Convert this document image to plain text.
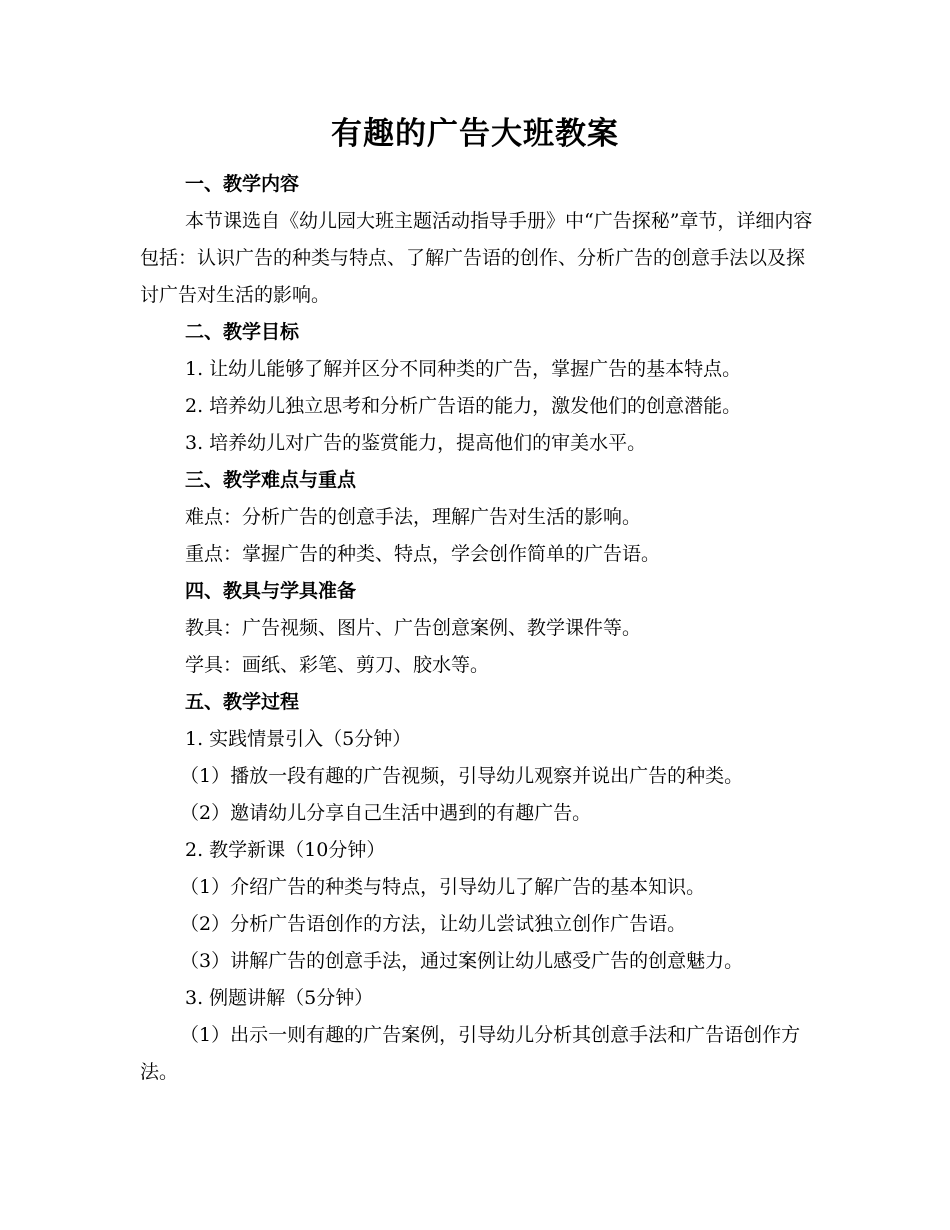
有趣的广告大班教案
一、教学内容
本节课选自《幼儿园大班主题活动指导手册》中“广告探秘”章节，详细内容包括：认识广告的种类与特点、了解广告语的创作、分析广告的创意手法以及探讨广告对生活的影响。
二、教学目标
1. 让幼儿能够了解并区分不同种类的广告，掌握广告的基本特点。
2. 培养幼儿独立思考和分析广告语的能力，激发他们的创意潜能。
3. 培养幼儿对广告的鉴赏能力，提高他们的审美水平。
三、教学难点与重点
难点：分析广告的创意手法，理解广告对生活的影响。
重点：掌握广告的种类、特点，学会创作简单的广告语。
四、教具与学具准备
教具：广告视频、图片、广告创意案例、教学课件等。
学具：画纸、彩笔、剪刀、胶水等。
五、教学过程
1. 实践情景引入（5分钟）
（1）播放一段有趣的广告视频，引导幼儿观察并说出广告的种类。
（2）邀请幼儿分享自己生活中遇到的有趣广告。
2. 教学新课（10分钟）
（1）介绍广告的种类与特点，引导幼儿了解广告的基本知识。
（2）分析广告语创作的方法，让幼儿尝试独立创作广告语。
（3）讲解广告的创意手法，通过案例让幼儿感受广告的创意魅力。
3. 例题讲解（5分钟）
（1）出示一则有趣的广告案例，引导幼儿分析其创意手法和广告语创作方法。
